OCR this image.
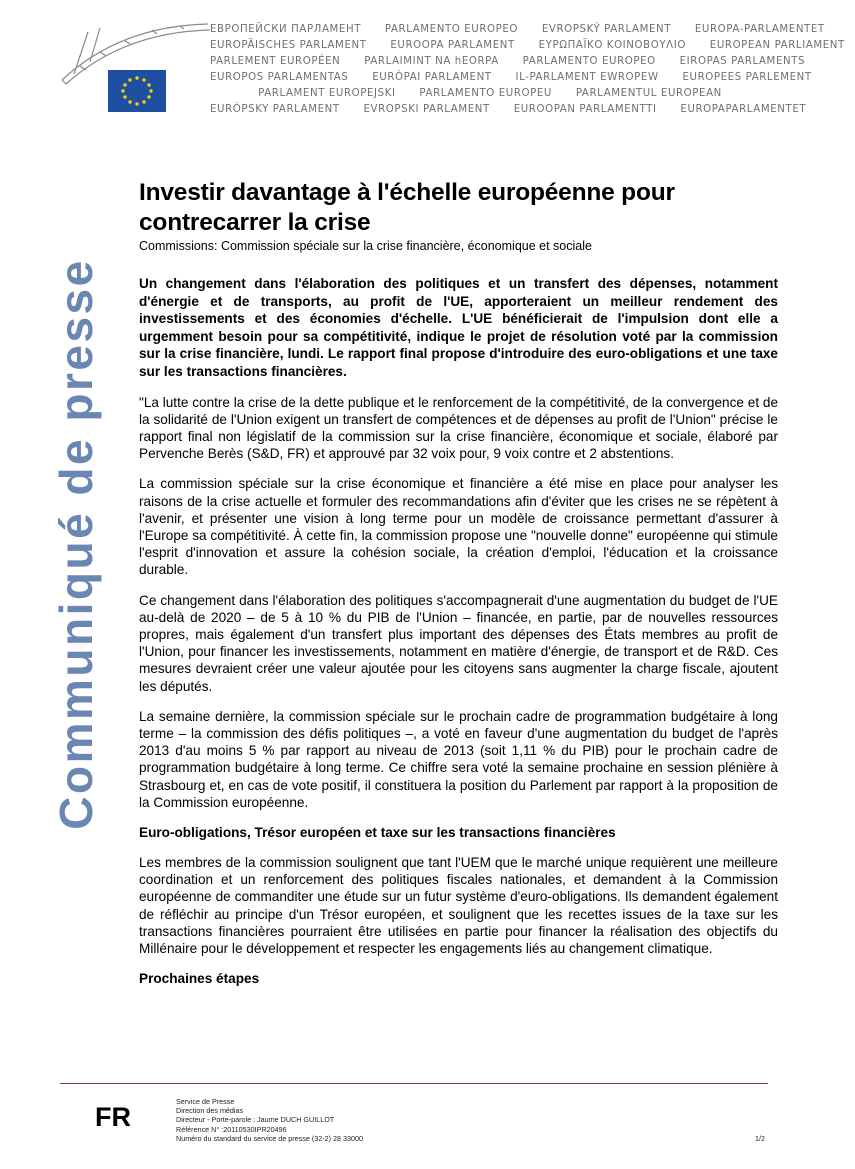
ЕВРОПЕЙСКИ ПАРЛАМЕНТ PARLAMENTO EUROPEO EVROPSKÝ PARLAMENT EUROPA-PARLAMENTET
EUROPÄISCHES PARLAMENT EUROOPA PARLAMENT ΕΥΡΩΠΑΪΚΟ ΚΟΙΝΟΒΟΥΛΙΟ EUROPEAN PARLIAMENT
PARLEMENT EUROPÉEN PARLAIMINT NA hEORPA PARLAMENTO EUROPEO EIROPAS PARLAMENTS
EUROPOS PARLAMENTAS EURÓPAI PARLAMENT IL-PARLAMENT EWROPEW EUROPEES PARLEMENT
PARLAMENT EUROPEJSKI PARLAMENTO EUROPEU PARLAMENTUL EUROPEAN
EURÓPSKY PARLAMENT EVROPSKI PARLAMENT EUROOPAN PARLAMENTTI EUROPAPARLAMENTET
Communiqué de presse
Investir davantage à l'échelle européenne pour contrecarrer la crise
Commissions: Commission spéciale sur la crise financière, économique et sociale
Un changement dans l'élaboration des politiques et un transfert des dépenses, notamment d'énergie et de transports, au profit de l'UE, apporteraient un meilleur rendement des investissements et des économies d'échelle. L'UE bénéficierait de l'impulsion dont elle a urgemment besoin pour sa compétitivité, indique le projet de résolution voté par la commission sur la crise financière, lundi. Le rapport final propose d'introduire des euro-obligations et une taxe sur les transactions financières.

"La lutte contre la crise de la dette publique et le renforcement de la compétitivité, de la convergence et de la solidarité de l'Union exigent un transfert de compétences et de dépenses au profit de l'Union" précise le rapport final non législatif de la commission sur la crise financière, économique et sociale, élaboré par Pervenche Berès (S&D, FR) et approuvé par 32 voix pour, 9 voix contre et 2 abstentions.

La commission spéciale sur la crise économique et financière a été mise en place pour analyser les raisons de la crise actuelle et formuler des recommandations afin d'éviter que les crises ne se répètent à l'avenir, et présenter une vision à long terme pour un modèle de croissance permettant d'assurer à l'Europe sa compétitivité. À cette fin, la commission propose une "nouvelle donne" européenne qui stimule l'esprit d'innovation et assure la cohésion sociale, la création d'emploi, l'éducation et la croissance durable.

Ce changement dans l'élaboration des politiques s'accompagnerait d'une augmentation du budget de l'UE au-delà de 2020 – de 5 à 10 % du PIB de l'Union – financée, en partie, par de nouvelles ressources propres, mais également d'un transfert plus important des dépenses des États membres au profit de l'Union, pour financer les investissements, notamment en matière d'énergie, de transport et de R&D. Ces mesures devraient créer une valeur ajoutée pour les citoyens sans augmenter la charge fiscale, ajoutent les députés.

La semaine dernière, la commission spéciale sur le prochain cadre de programmation budgétaire à long terme – la commission des défis politiques –, a voté en faveur d'une augmentation du budget de l'après 2013 d'au moins 5 % par rapport au niveau de 2013 (soit 1,11 % du PIB) pour le prochain cadre de programmation budgétaire à long terme. Ce chiffre sera voté la semaine prochaine en session plénière à Strasbourg et, en cas de vote positif, il constituera la position du Parlement par rapport à la proposition de la Commission européenne.

Euro-obligations, Trésor européen et taxe sur les transactions financières

Les membres de la commission soulignent que tant l'UEM que le marché unique requièrent une meilleure coordination et un renforcement des politiques fiscales nationales, et demandent à la Commission européenne de commanditer une étude sur un futur système d'euro-obligations. Ils demandent également de réfléchir au principe d'un Trésor européen, et soulignent que les recettes issues de la taxe sur les transactions financières pourraient être utilisées en partie pour financer la réalisation des objectifs du Millénaire pour le développement et respecter les engagements liés au changement climatique.

Prochaines étapes
FR
Service de Presse
Direction des médias
Directeur - Porte-parole : Jaume DUCH GUILLOT
Référence N° :20110530IPR20496
Numéro du standard du service de presse (32-2) 28 33000	1/2
